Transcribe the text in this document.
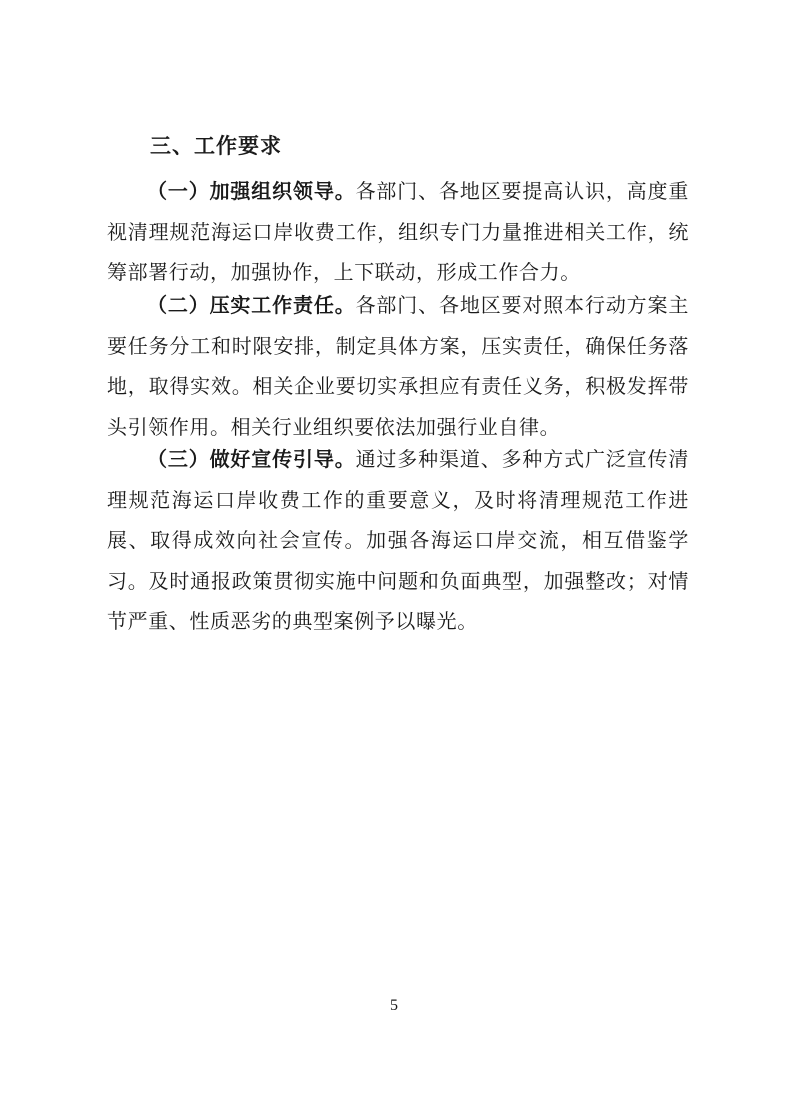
三、工作要求

（一）加强组织领导。各部门、各地区要提高认识，高度重视清理规范海运口岸收费工作，组织专门力量推进相关工作，统筹部署行动，加强协作，上下联动，形成工作合力。

（二）压实工作责任。各部门、各地区要对照本行动方案主要任务分工和时限安排，制定具体方案，压实责任，确保任务落地，取得实效。相关企业要切实承担应有责任义务，积极发挥带头引领作用。相关行业组织要依法加强行业自律。

（三）做好宣传引导。通过多种渠道、多种方式广泛宣传清理规范海运口岸收费工作的重要意义，及时将清理规范工作进展、取得成效向社会宣传。加强各海运口岸交流，相互借鉴学习。及时通报政策贯彻实施中问题和负面典型，加强整改；对情节严重、性质恶劣的典型案例予以曝光。

5
